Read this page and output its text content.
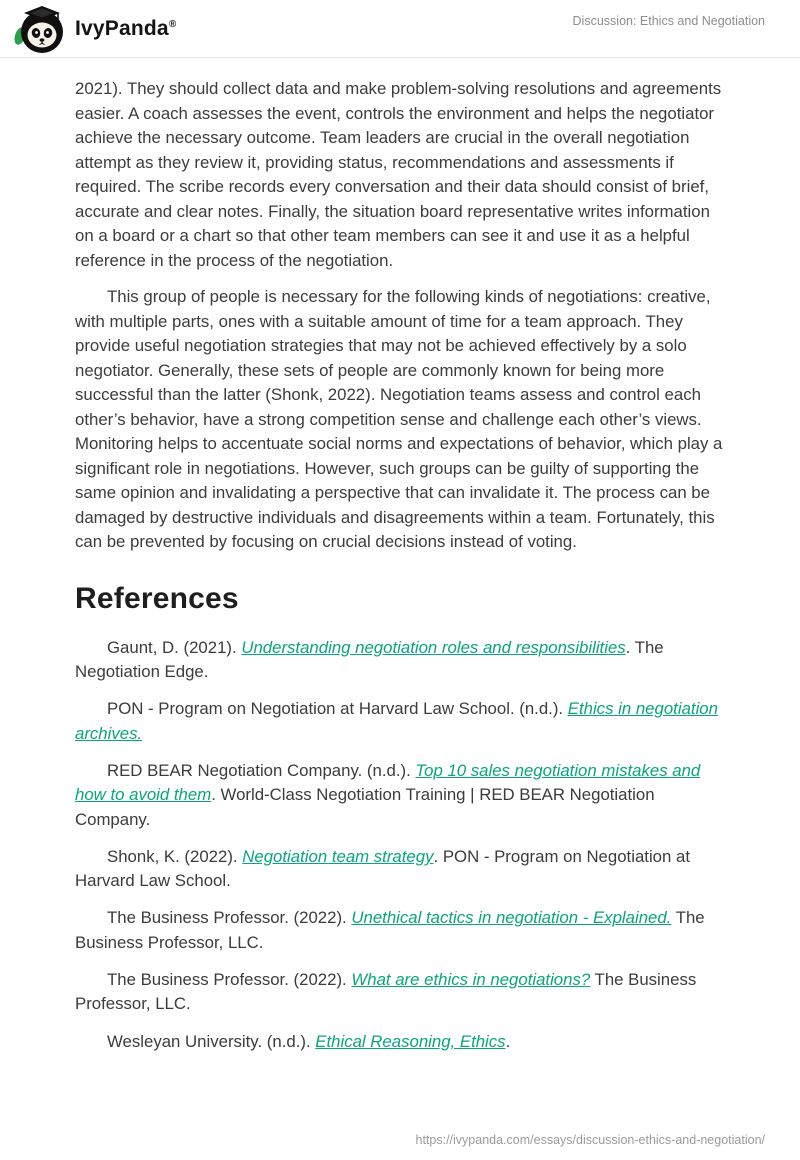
IvyPanda®	Discussion: Ethics and Negotiation

2021). They should collect data and make problem-solving resolutions and agreements easier. A coach assesses the event, controls the environment and helps the negotiator achieve the necessary outcome. Team leaders are crucial in the overall negotiation attempt as they review it, providing status, recommendations and assessments if required. The scribe records every conversation and their data should consist of brief, accurate and clear notes. Finally, the situation board representative writes information on a board or a chart so that other team members can see it and use it as a helpful reference in the process of the negotiation.

This group of people is necessary for the following kinds of negotiations: creative, with multiple parts, ones with a suitable amount of time for a team approach. They provide useful negotiation strategies that may not be achieved effectively by a solo negotiator. Generally, these sets of people are commonly known for being more successful than the latter (Shonk, 2022). Negotiation teams assess and control each other’s behavior, have a strong competition sense and challenge each other’s views. Monitoring helps to accentuate social norms and expectations of behavior, which play a significant role in negotiations. However, such groups can be guilty of supporting the same opinion and invalidating a perspective that can invalidate it. The process can be damaged by destructive individuals and disagreements within a team. Fortunately, this can be prevented by focusing on crucial decisions instead of voting.

References

Gaunt, D. (2021). Understanding negotiation roles and responsibilities. The Negotiation Edge.

PON - Program on Negotiation at Harvard Law School. (n.d.). Ethics in negotiation archives.

RED BEAR Negotiation Company. (n.d.). Top 10 sales negotiation mistakes and how to avoid them. World-Class Negotiation Training | RED BEAR Negotiation Company.

Shonk, K. (2022). Negotiation team strategy. PON - Program on Negotiation at Harvard Law School.

The Business Professor. (2022). Unethical tactics in negotiation - Explained. The Business Professor, LLC.

The Business Professor. (2022). What are ethics in negotiations? The Business Professor, LLC.

Wesleyan University. (n.d.). Ethical Reasoning, Ethics.

https://ivypanda.com/essays/discussion-ethics-and-negotiation/
